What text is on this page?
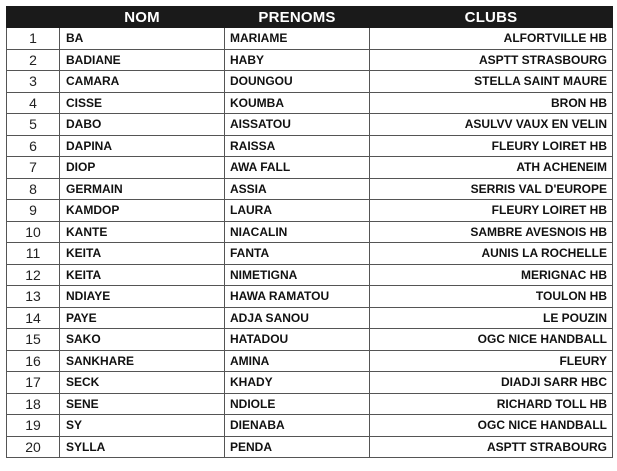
	NOM	PRENOMS	CLUBS
1	BA	MARIAME	ALFORTVILLE HB
2	BADIANE	HABY	ASPTT STRASBOURG
3	CAMARA	DOUNGOU	STELLA SAINT MAURE
4	CISSE	KOUMBA	BRON HB
5	DABO	AISSATOU	ASULVV VAUX EN VELIN
6	DAPINA	RAISSA	FLEURY LOIRET HB
7	DIOP	AWA FALL	ATH ACHENEIM
8	GERMAIN	ASSIA	SERRIS VAL D'EUROPE
9	KAMDOP	LAURA	FLEURY LOIRET HB
10	KANTE	NIACALIN	SAMBRE AVESNOIS HB
11	KEITA	FANTA	AUNIS LA ROCHELLE
12	KEITA	NIMETIGNA	MERIGNAC HB
13	NDIAYE	HAWA RAMATOU	TOULON HB
14	PAYE	ADJA SANOU	LE POUZIN
15	SAKO	HATADOU	OGC NICE HANDBALL
16	SANKHARE	AMINA	FLEURY
17	SECK	KHADY	DIADJI SARR HBC
18	SENE	NDIOLE	RICHARD TOLL HB
19	SY	DIENABA	OGC NICE HANDBALL
20	SYLLA	PENDA	ASPTT STRABOURG
